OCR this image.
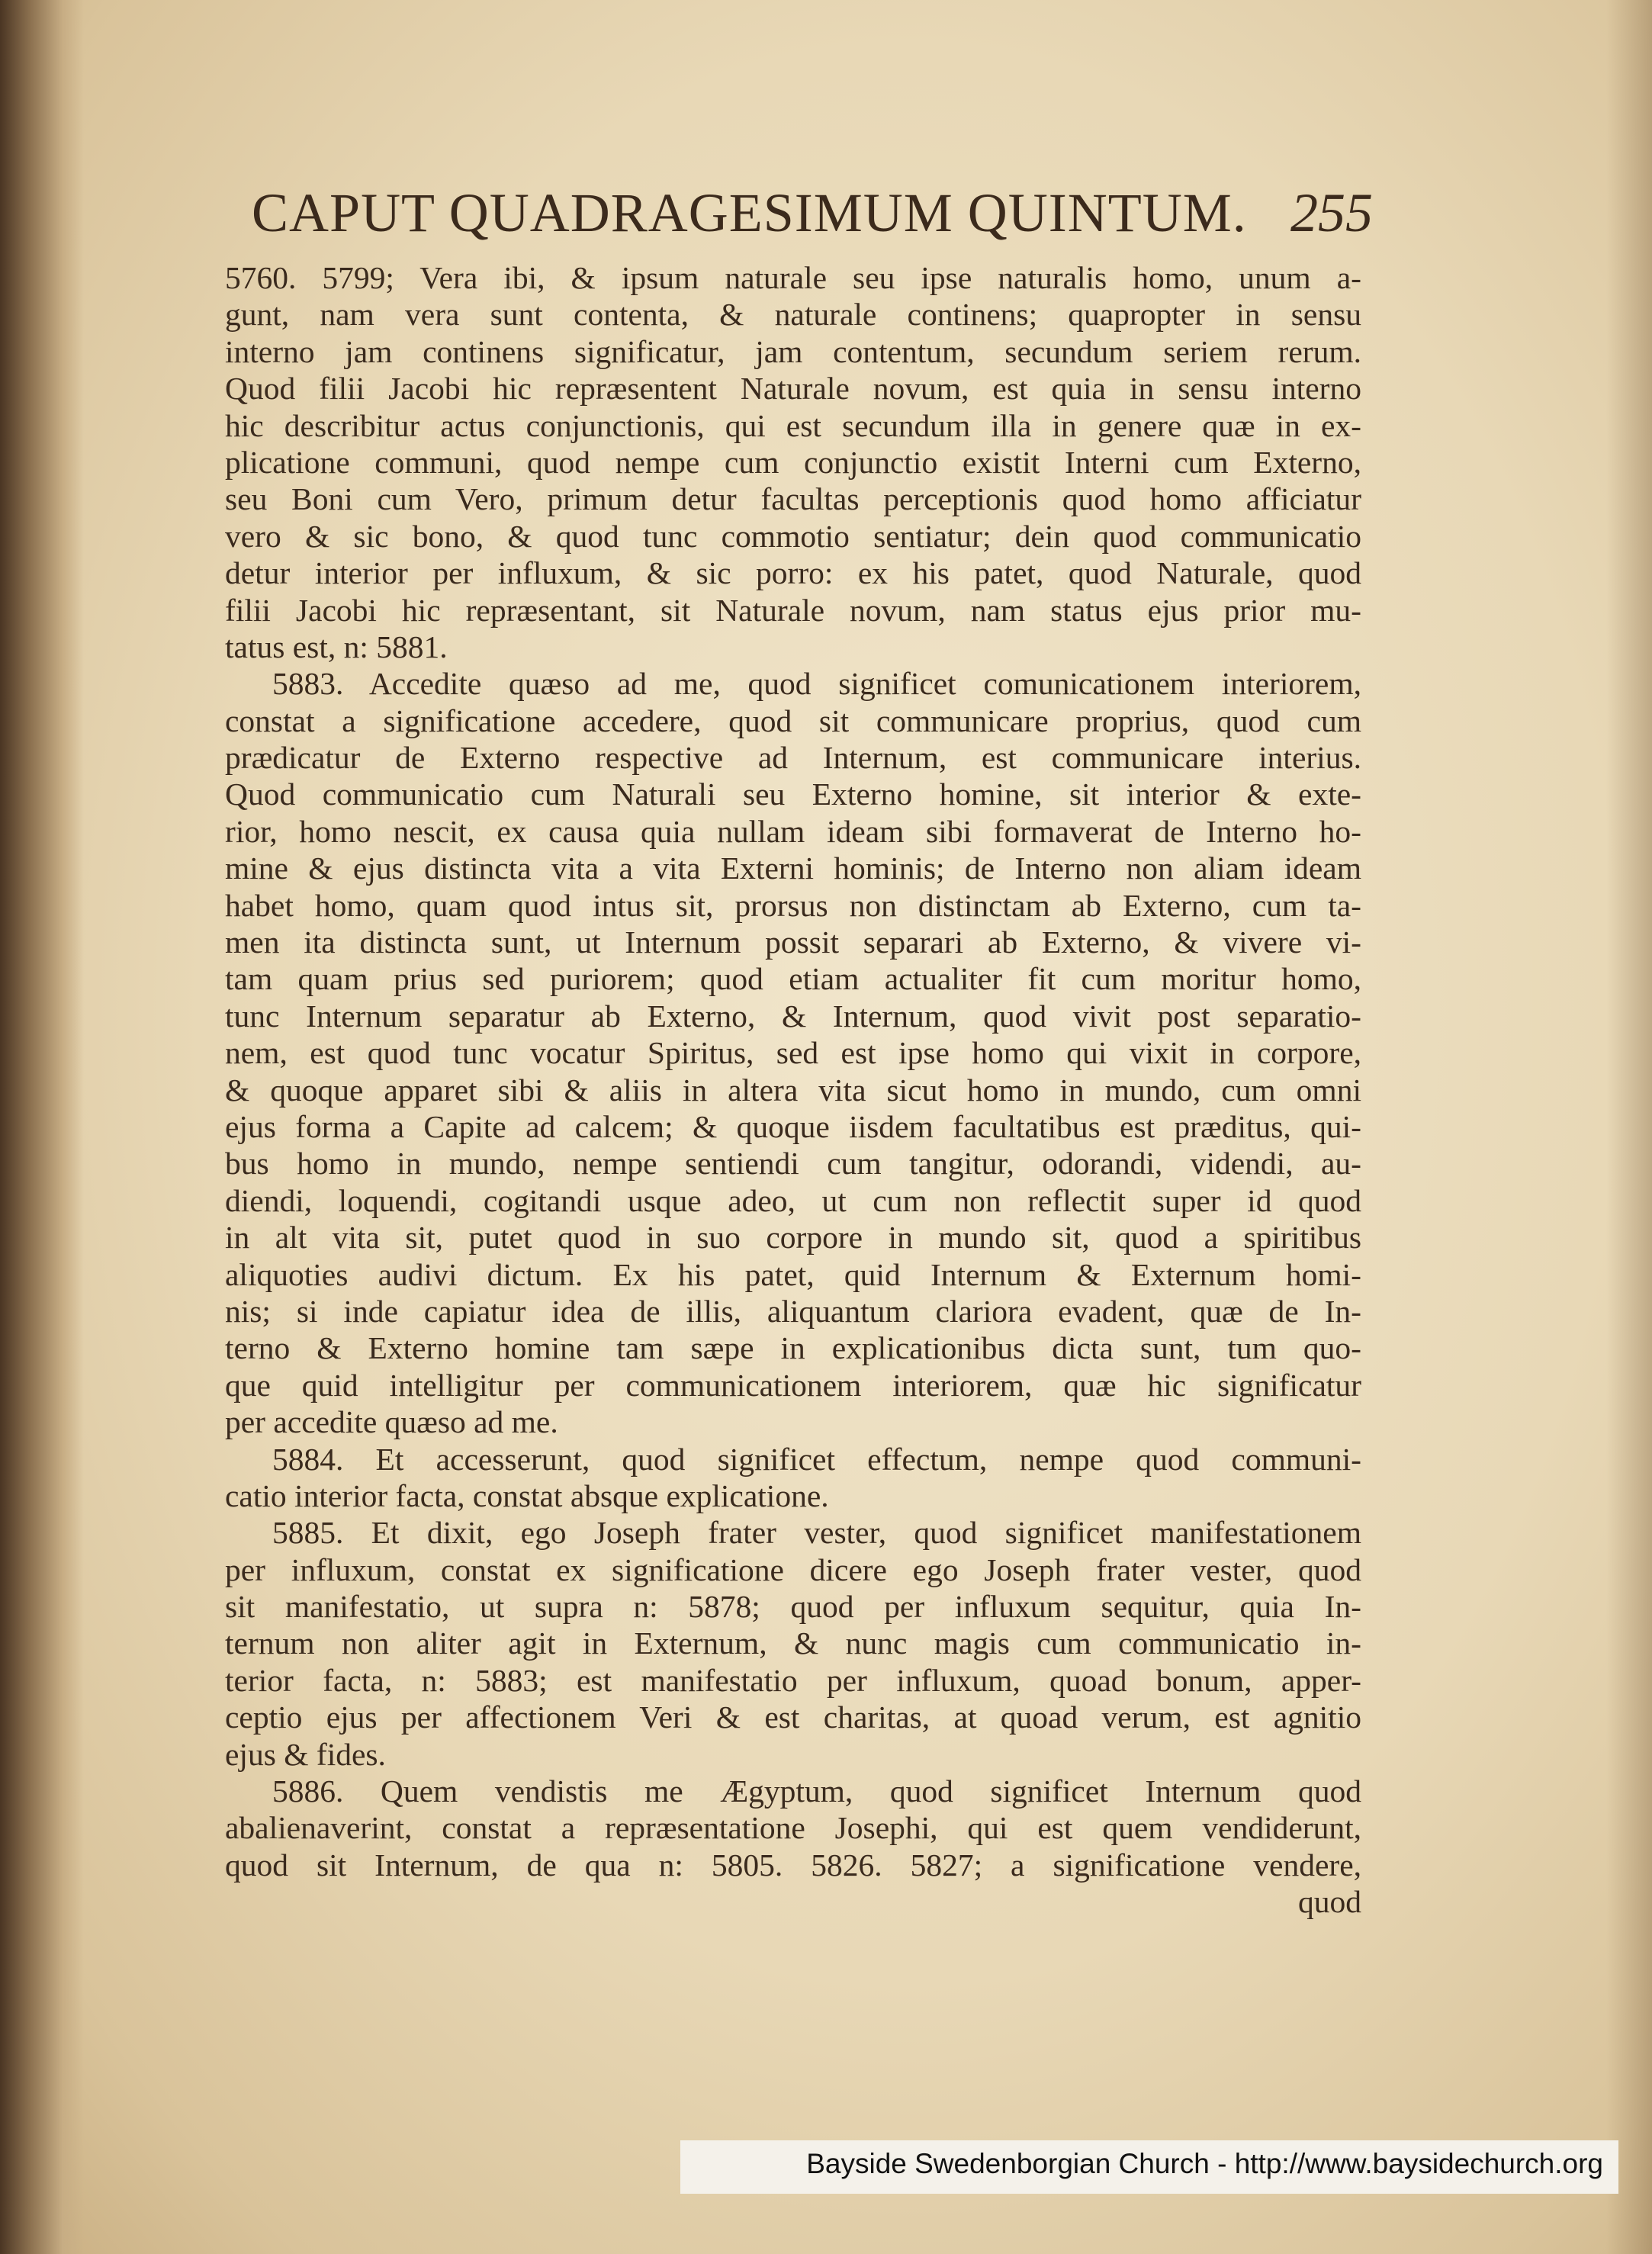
CAPUT QUADRAGESIMUM QUINTUM. 255
5760. 5799; Vera ibi, & ipsum naturale seu ipse naturalis homo, unum a-
gunt, nam vera sunt contenta, & naturale continens; quapropter in sensu
interno jam continens significatur, jam contentum, secundum seriem rerum.
Quod filii Jacobi hic repræsentent Naturale novum, est quia in sensu interno
hic describitur actus conjunctionis, qui est secundum illa in genere quæ in ex-
plicatione communi, quod nempe cum conjunctio existit Interni cum Externo,
seu Boni cum Vero, primum detur facultas perceptionis quod homo afficiatur
vero & sic bono, & quod tunc commotio sentiatur; dein quod communicatio
detur interior per influxum, & sic porro: ex his patet, quod Naturale, quod
filii Jacobi hic repræsentant, sit Naturale novum, nam status ejus prior mu-
tatus est, n: 5881.
5883. Accedite quæso ad me, quod significet comunicationem interiorem,
constat a significatione accedere, quod sit communicare proprius, quod cum
prædicatur de Externo respective ad Internum, est communicare interius.
Quod communicatio cum Naturali seu Externo homine, sit interior & exte-
rior, homo nescit, ex causa quia nullam ideam sibi formaverat de Interno ho-
mine & ejus distincta vita a vita Externi hominis; de Interno non aliam ideam
habet homo, quam quod intus sit, prorsus non distinctam ab Externo, cum ta-
men ita distincta sunt, ut Internum possit separari ab Externo, & vivere vi-
tam quam prius sed puriorem; quod etiam actualiter fit cum moritur homo,
tunc Internum separatur ab Externo, & Internum, quod vivit post separatio-
nem, est quod tunc vocatur Spiritus, sed est ipse homo qui vixit in corpore,
& quoque apparet sibi & aliis in altera vita sicut homo in mundo, cum omni
ejus forma a Capite ad calcem; & quoque iisdem facultatibus est præditus, qui-
bus homo in mundo, nempe sentiendi cum tangitur, odorandi, videndi, au-
diendi, loquendi, cogitandi usque adeo, ut cum non reflectit super id quod
in alt vita sit, putet quod in suo corpore in mundo sit, quod a spiritibus
aliquoties audivi dictum. Ex his patet, quid Internum & Externum homi-
nis; si inde capiatur idea de illis, aliquantum clariora evadent, quæ de In-
terno & Externo homine tam sæpe in explicationibus dicta sunt, tum quo-
que quid intelligitur per communicationem interiorem, quæ hic significatur
per accedite quæso ad me.
5884. Et accesserunt, quod significet effectum, nempe quod communi-
catio interior facta, constat absque explicatione.
5885. Et dixit, ego Joseph frater vester, quod significet manifestationem
per influxum, constat ex significatione dicere ego Joseph frater vester, quod
sit manifestatio, ut supra n: 5878; quod per influxum sequitur, quia In-
ternum non aliter agit in Externum, & nunc magis cum communicatio in-
terior facta, n: 5883; est manifestatio per influxum, quoad bonum, apper-
ceptio ejus per affectionem Veri & est charitas, at quoad verum, est agnitio
ejus & fides.
5886. Quem vendistis me Ægyptum, quod significet Internum quod
abalienaverint, constat a repræsentatione Josephi, qui est quem vendiderunt,
quod sit Internum, de qua n: 5805. 5826. 5827; a significatione vendere,
quod
Bayside Swedenborgian Church - http://www.baysidechurch.org
